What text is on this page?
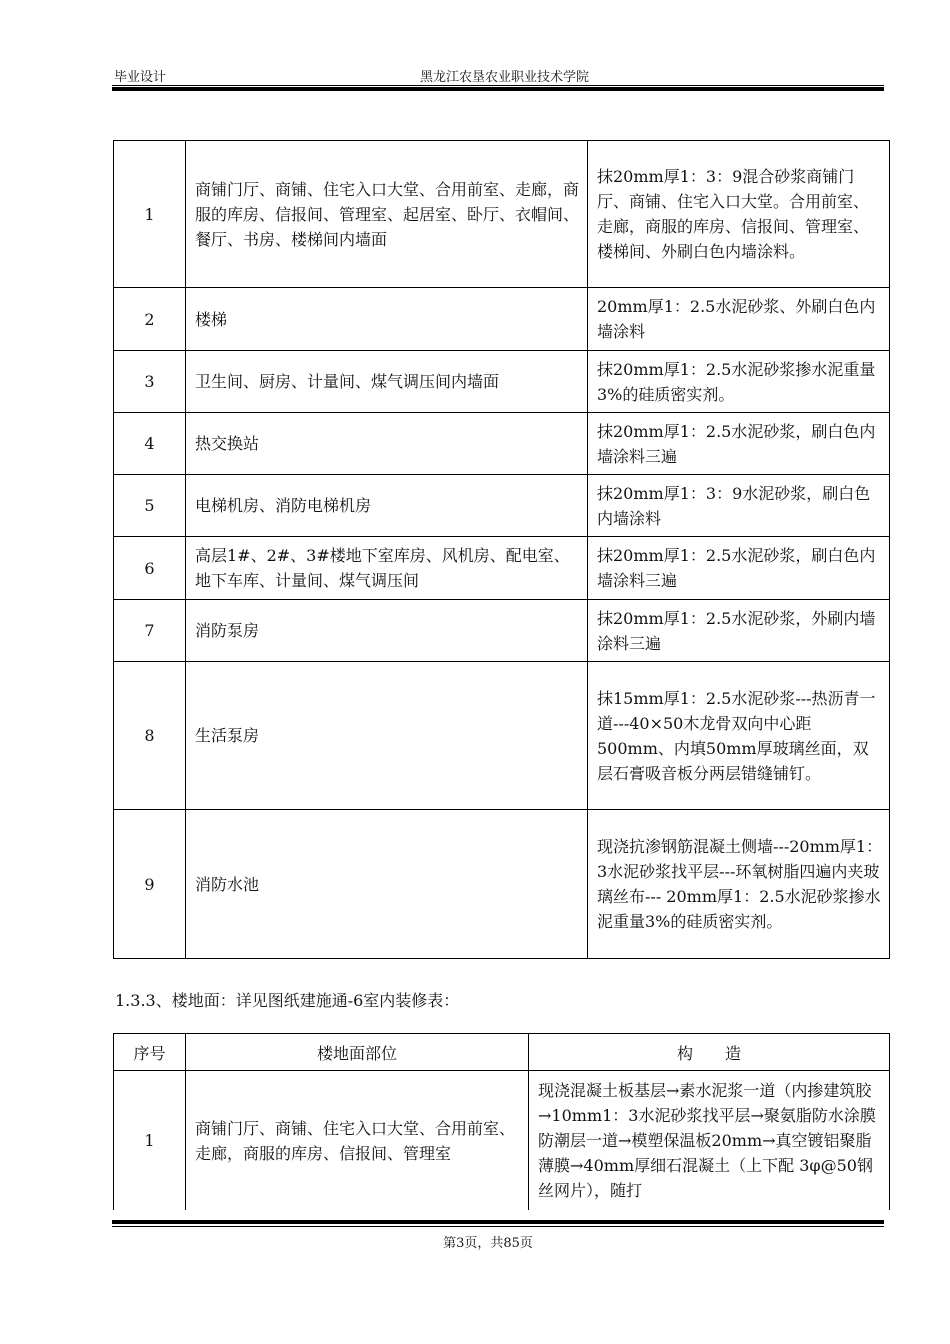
毕业设计	黑龙江农垦农业职业技术学院
1	商铺门厅、商铺、住宅入口大堂、合用前室、走廊，商服的库房、信报间、管理室、起居室、卧厅、衣帽间、餐厅、书房、楼梯间内墙面	抹20mm厚1：3：9混合砂浆商铺门厅、商铺、住宅入口大堂。合用前室、走廊，商服的库房、信报间、管理室、楼梯间、外刷白色内墙涂料。
2	楼梯	20mm厚1：2.5水泥砂浆、外刷白色内墙涂料
3	卫生间、厨房、计量间、煤气调压间内墙面	抹20mm厚1：2.5水泥砂浆掺水泥重量3%的硅质密实剂。
4	热交换站	抹20mm厚1：2.5水泥砂浆，刷白色内墙涂料三遍
5	电梯机房、消防电梯机房	抹20mm厚1：3：9水泥砂浆，刷白色内墙涂料
6	高层1#、2#、3#楼地下室库房、风机房、配电室、地下车库、计量间、煤气调压间	抹20mm厚1：2.5水泥砂浆，刷白色内墙涂料三遍
7	消防泵房	抹20mm厚1：2.5水泥砂浆，外刷内墙涂料三遍
8	生活泵房	抹15mm厚1：2.5水泥砂浆---热沥青一道---40×50木龙骨双向中心距500mm、内填50mm厚玻璃丝面，双层石膏吸音板分两层错缝铺钉。
9	消防水池	现浇抗渗钢筋混凝土侧墙---20mm厚1：3水泥砂浆找平层---环氧树脂四遍内夹玻璃丝布--- 20mm厚1：2.5水泥砂浆掺水泥重量3%的硅质密实剂。
1.3.3、楼地面：详见图纸建施通-6室内装修表：
序号	楼地面部位	构　　造
1	商铺门厅、商铺、住宅入口大堂、合用前室、走廊，商服的库房、信报间、管理室	现浇混凝土板基层→素水泥浆一道（内掺建筑胶→10mm1：3水泥砂浆找平层→聚氨脂防水涂膜防潮层一道→模塑保温板20mm→真空镀铝聚脂薄膜→40mm厚细石混凝土（上下配 3φ@50钢丝网片），随打
第3页，共85页
